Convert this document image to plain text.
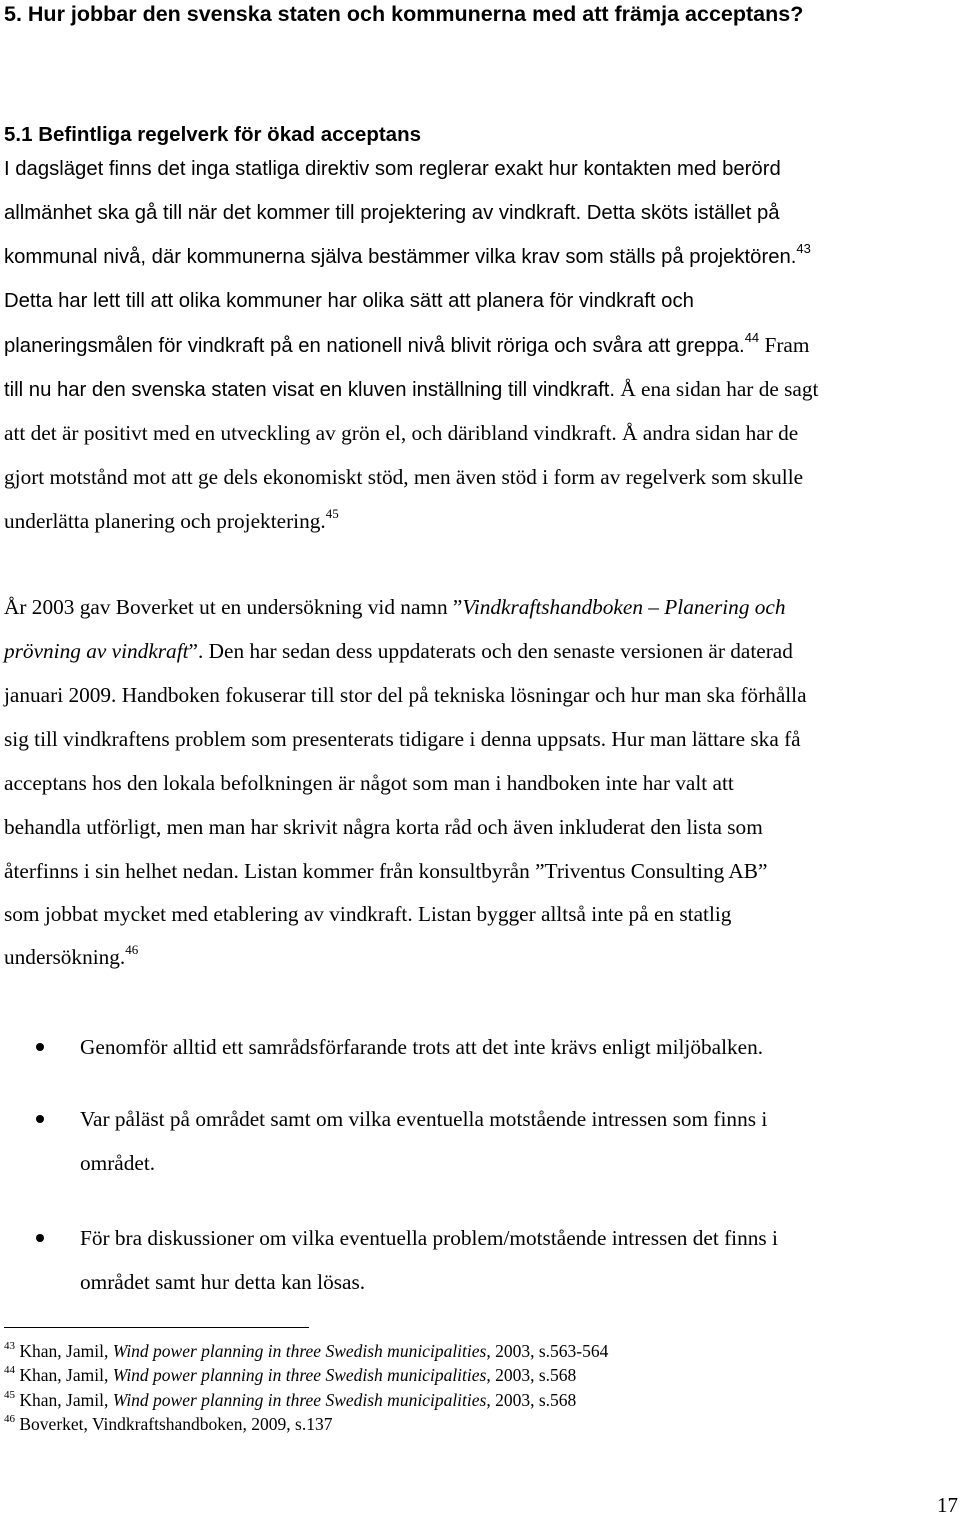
5. Hur jobbar den svenska staten och kommunerna med att främja acceptans?
5.1 Befintliga regelverk för ökad acceptans
I dagsläget finns det inga statliga direktiv som reglerar exakt hur kontakten med berörd
allmänhet ska gå till när det kommer till projektering av vindkraft. Detta sköts istället på
kommunal nivå, där kommunerna själva bestämmer vilka krav som ställs på projektören.$^{43}$
Detta har lett till att olika kommuner har olika sätt att planera för vindkraft och
planeringsmålen för vindkraft på en nationell nivå blivit röriga och svåra att greppa.$^{44}$ Fram
till nu har den svenska staten visat en kluven inställning till vindkraft. Å ena sidan har de sagt
att det är positivt med en utveckling av grön el, och däribland vindkraft. Å andra sidan har de
gjort motstånd mot att ge dels ekonomiskt stöd, men även stöd i form av regelverk som skulle
underlätta planering och projektering.$^{45}$
År 2003 gav Boverket ut en undersökning vid namn ”Vindkraftshandboken – Planering och
prövning av vindkraft”. Den har sedan dess uppdaterats och den senaste versionen är daterad
januari 2009. Handboken fokuserar till stor del på tekniska lösningar och hur man ska förhålla
sig till vindkraftens problem som presenterats tidigare i denna uppsats. Hur man lättare ska få
acceptans hos den lokala befolkningen är något som man i handboken inte har valt att
behandla utförligt, men man har skrivit några korta råd och även inkluderat den lista som
återfinns i sin helhet nedan. Listan kommer från konsultbyrån ”Triventus Consulting AB”
som jobbat mycket med etablering av vindkraft. Listan bygger alltså inte på en statlig
undersökning.$^{46}$
Genomför alltid ett samrådsförfarande trots att det inte krävs enligt miljöbalken.
Var påläst på området samt om vilka eventuella motstående intressen som finns i
området.
För bra diskussioner om vilka eventuella problem/motstående intressen det finns i
området samt hur detta kan lösas.
$^{43}$ Khan, Jamil, Wind power planning in three Swedish municipalities, 2003, s.563-564
$^{44}$ Khan, Jamil, Wind power planning in three Swedish municipalities, 2003, s.568
$^{45}$ Khan, Jamil, Wind power planning in three Swedish municipalities, 2003, s.568
$^{46}$ Boverket, Vindkraftshandboken, 2009, s.137
17
